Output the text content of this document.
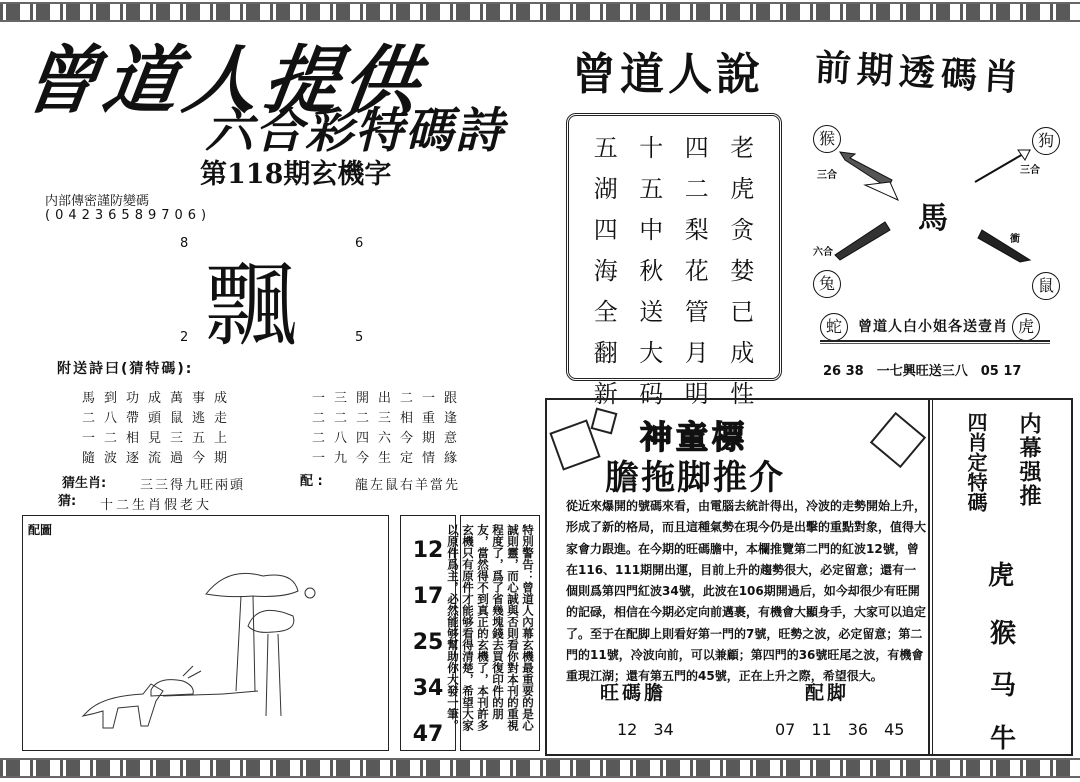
曾道人提供
六合彩特碼詩
第118期玄機字
内部傳密謹防變碼
(04236589706)
飄
8	6
2	5
附送詩曰(猜特碼):
馬到功成萬事成
二八帶頭鼠逃走
一二相見三五上
隨波逐流過今期
一三開出二一跟
二二二三相重逢
二八四六今期意
一九今生定情緣
猜生肖:	三三得九旺兩頭	配 : 龍左鼠右羊當先
猜: 十二生肖假老大
配圖
12
17
25
34
47
特別警告：曾道人內幕玄機最重要的是心誠則靈，而心誠與否則看你對本刊的重視程度了，爲了省幾塊錢去買復印件的朋友，當然得不到真正的玄機了，本刊許多玄機只有原件才能够看得清楚，希望大家以原件爲主，必然能够幫助你大發一筆。
曾道人說
五 十 四 老
湖 五 二 虎
四 中 梨 贪
海 秋 花 婪
全 送 管 已
翻 大 月 成
新 码 明 性
前期透碼肖
猴	狗
兔	鼠
馬
三合	三合
六合
衝
蛇	曾道人白小姐各送壹肖 虎
26 38　一七興旺送三八　05 17
神童標
膽拖脚推介
從近來爆開的號碼來看，由電腦去統計得出，冷波的走勢開始上升，形成了新的格局，而且這種氣勢在現今仍是出擊的重點對象，值得大家會力跟進。在今期的旺碼膽中，本欄推覽第二門的紅波12號，曾在116、111期開出運，目前上升的趨勢很大，必定留意；還有一個則爲第四門紅波34號，此波在106期開過后，如今却很少有旺開的記碌，相信在今期必定向前邁裹，有機會大顯身手，大家可以追定了。至于在配脚上則看好第一門的7號，旺勢之波，必定留意；第二門的11號，冷波向前，可以兼顧；第四門的36號旺尾之波，有機會重現江湖；還有第五門的45號，正在上升之際，希望很大。
旺碼膽
12　34
配脚
07　11　36　45
内幕强推
四肖定特碼
虎
猴
马
牛
